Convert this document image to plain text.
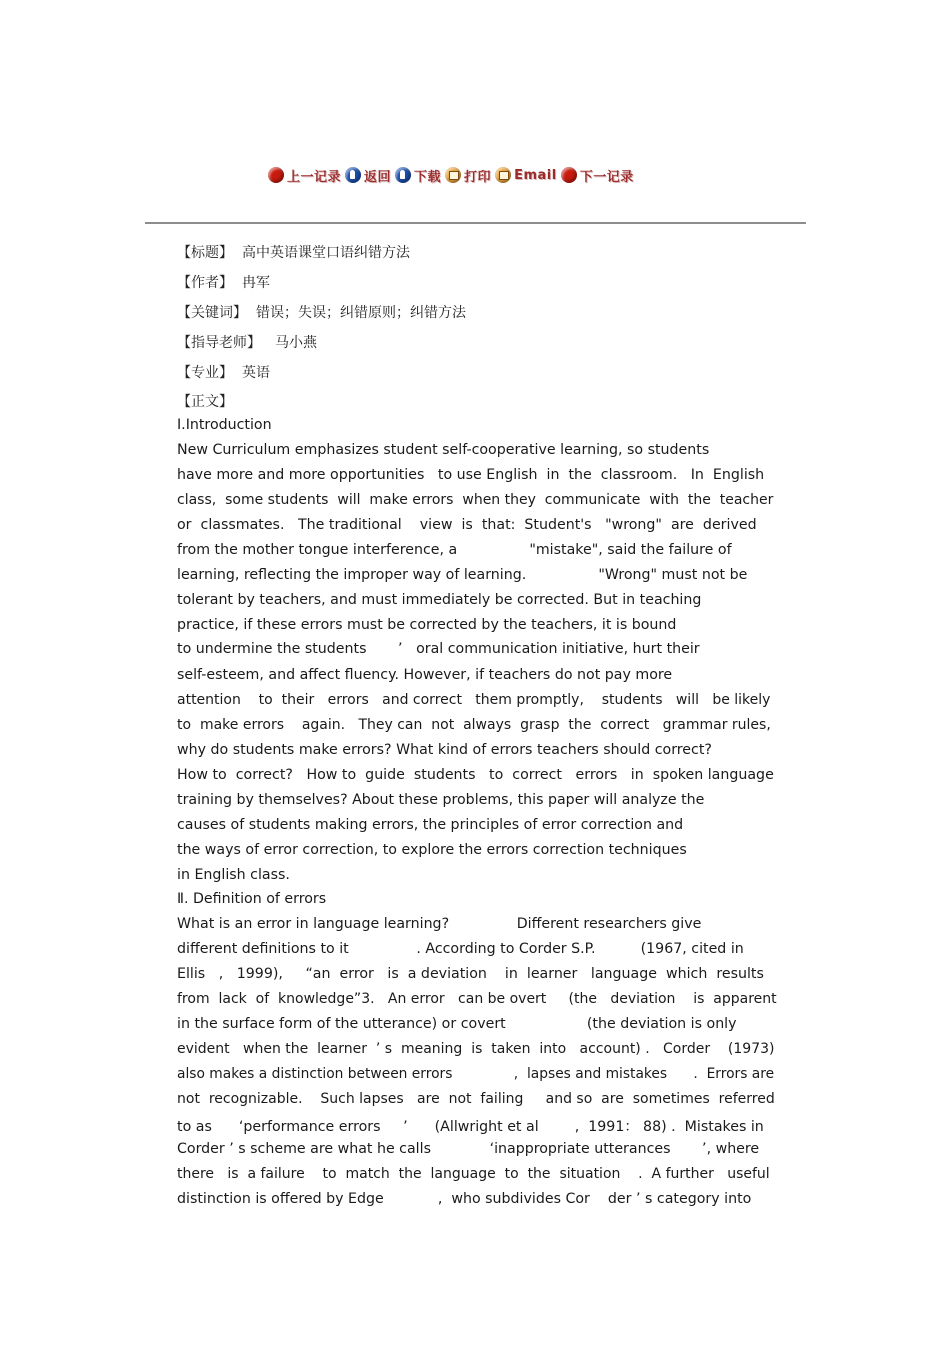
上一记录 返回 下载 打印 Email 下一记录
【标题】 高中英语课堂口语纠错方法
【作者】 冉军
【关键词】 错误；失误；纠错原则；纠错方法
【指导老师】 马小燕
【专业】 英语
【正文】
Ⅰ.Introduction
New Curriculum emphasizes student self-cooperative learning, so students
have more and more opportunities   to use English  in  the  classroom.   In  English
class,  some students  will  make errors  when they  communicate  with  the  teacher
or  classmates.   The traditional    view  is  that:  Student's   "wrong"  are  derived
from the mother tongue interference, a                "mistake", said the failure of
learning, reflecting the improper way of learning.                "Wrong" must not be
tolerant by teachers, and must immediately be corrected. But in teaching
practice, if these errors must be corrected by the teachers, it is bound
to undermine the students       ’   oral communication initiative, hurt their
self-esteem, and affect fluency. However, if teachers do not pay more
attention    to  their   errors   and correct   them promptly,    students   will   be likely
to  make errors    again.   They can  not  always  grasp  the  correct   grammar rules,
why do students make errors? What kind of errors teachers should correct?
How to  correct?   How to  guide  students   to  correct   errors   in  spoken language
training by themselves? About these problems, this paper will analyze the
causes of students making errors, the principles of error correction and
the ways of error correction, to explore the errors correction techniques
in English class.
Ⅱ. Definition of errors
What is an error in language learning?               Different researchers give
different definitions to it               . According to Corder S.P.          (1967, cited in
Ellis   ,   1999),     “an  error   is  a deviation    in  learner   language  which  results
from  lack  of  knowledge”3.   An error   can be overt     (the   deviation    is  apparent
in the surface form of the utterance) or covert                  (the deviation is only
evident   when the  learner  ’ s  meaning  is  taken  into   account) .   Corder    (1973)
also makes a distinction between errors              ,  lapses and mistakes      .  Errors are
not  recognizable.    Such lapses   are  not  failing     and so  are  sometimes  referred
to as      ‘performance errors     ’      (Allwright et al        ,  1991： 88) .  Mistakes in
Corder ’ s scheme are what he calls             ‘inappropriate utterances       ’, where
there   is  a failure    to  match  the  language  to  the  situation    .  A further   useful
distinction is offered by Edge            ,  who subdivides Cor    der ’ s category into
